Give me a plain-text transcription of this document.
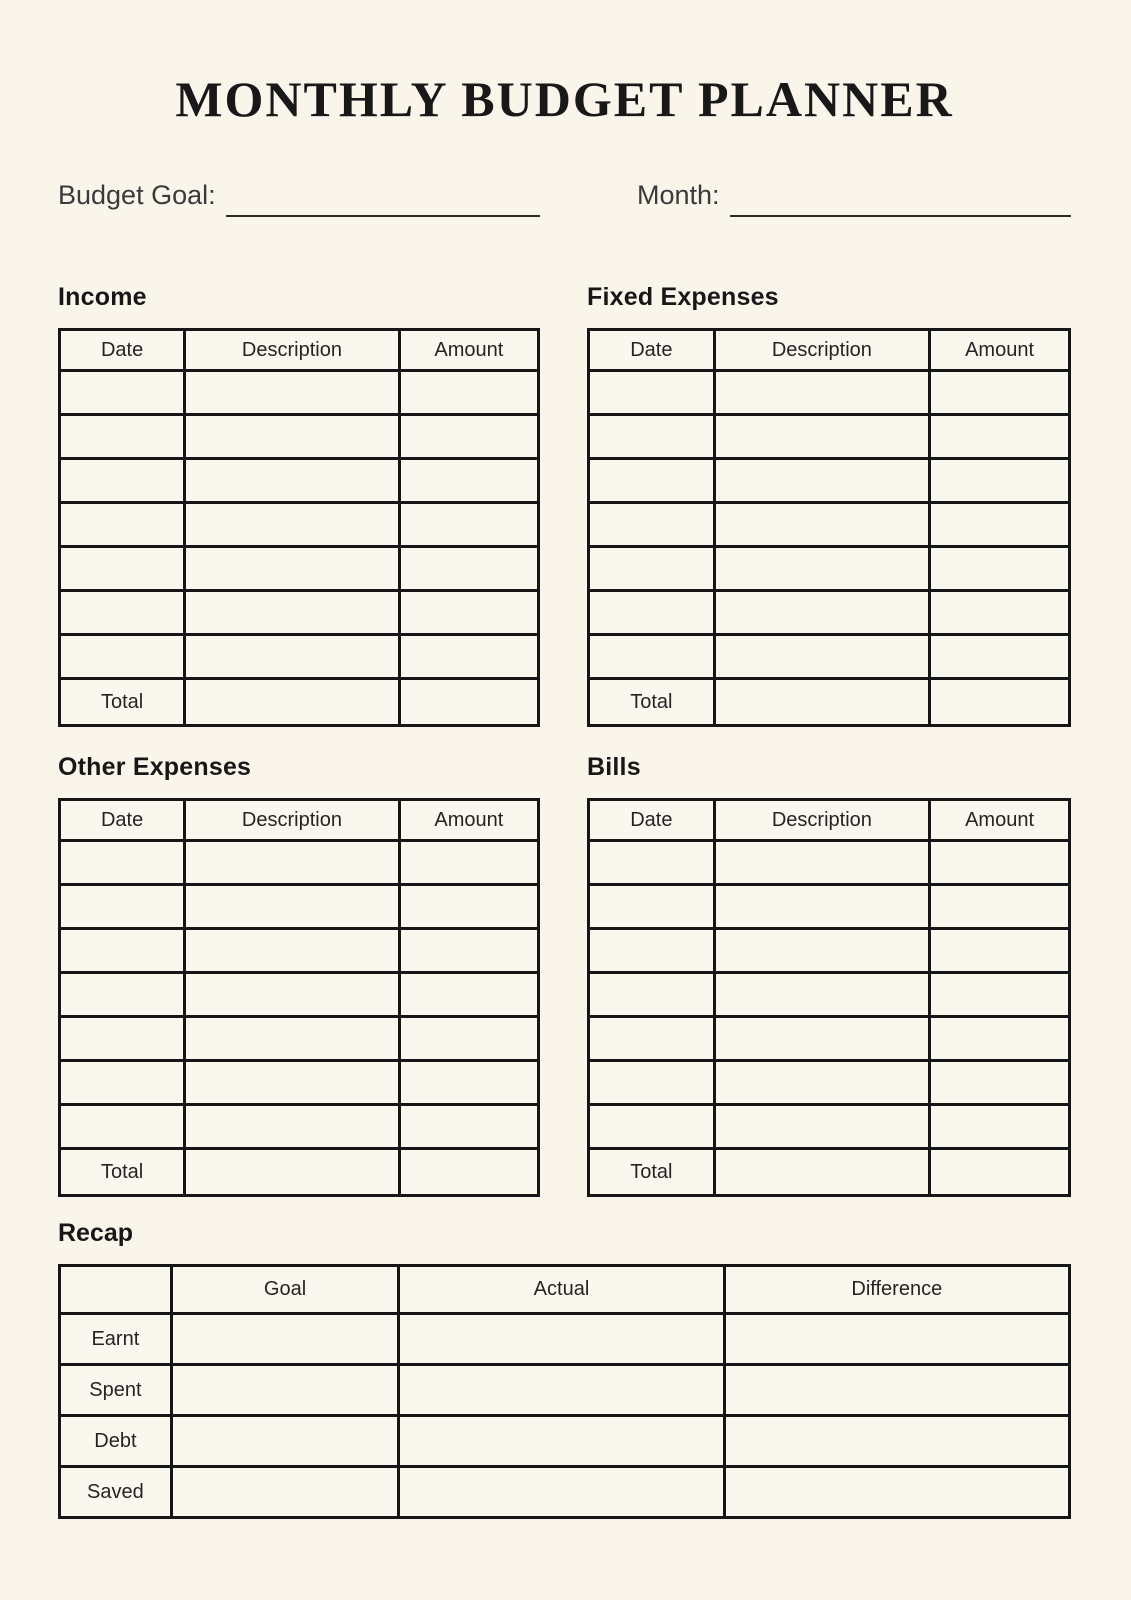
MONTHLY BUDGET PLANNER
Budget Goal:	Month:
Income
Date	Description	Amount

Total		
Fixed Expenses
Date	Description	Amount

Total		
Other Expenses
Date	Description	Amount

Total		
Bills
Date	Description	Amount

Total		
Recap
	Goal	Actual	Difference
Earnt			
Spent			
Debt			
Saved			
